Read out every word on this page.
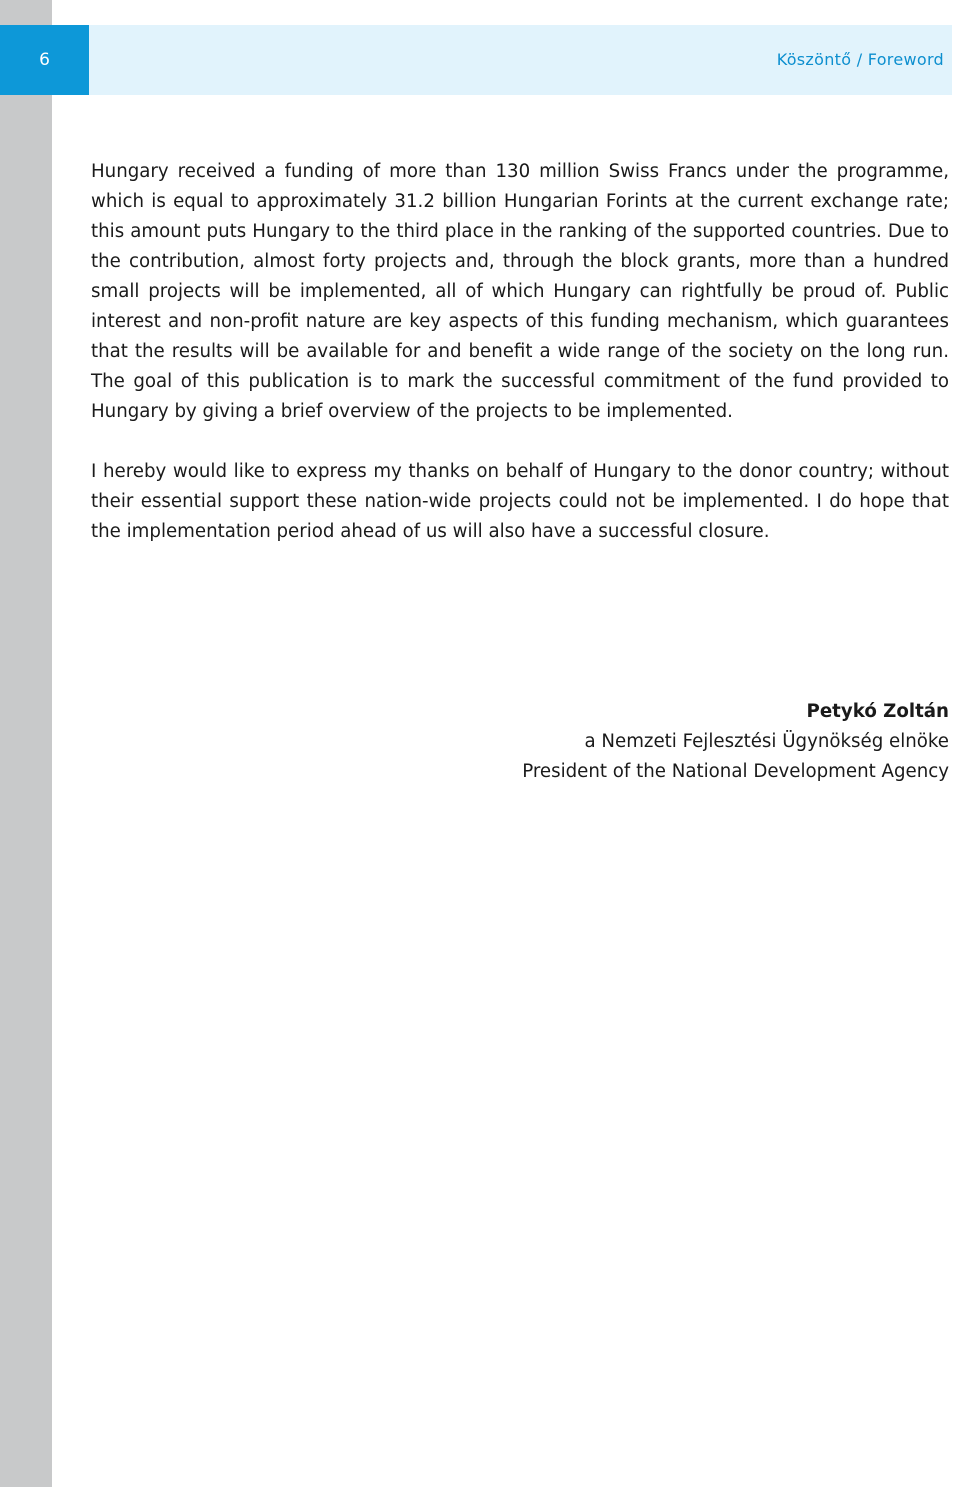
6	Köszöntő / Foreword

Hungary received a funding of more than 130 million Swiss Francs under the programme, which is equal to approximately 31.2 billion Hungarian Forints at the current exchange rate; this amount puts Hungary to the third place in the ranking of the supported countries. Due to the contribution, almost forty projects and, through the block grants, more than a hundred small projects will be implemented, all of which Hungary can rightfully be proud of. Public interest and non-profit nature are key aspects of this funding mechanism, which guarantees that the results will be available for and benefit a wide range of the society on the long run. The goal of this publication is to mark the successful commitment of the fund provided to Hungary by giving a brief overview of the projects to be implemented.

I hereby would like to express my thanks on behalf of Hungary to the donor country; without their essential support these nation-wide projects could not be implemented. I do hope that the implementation period ahead of us will also have a successful closure.

Petykó Zoltán
a Nemzeti Fejlesztési Ügynökség elnöke
President of the National Development Agency
